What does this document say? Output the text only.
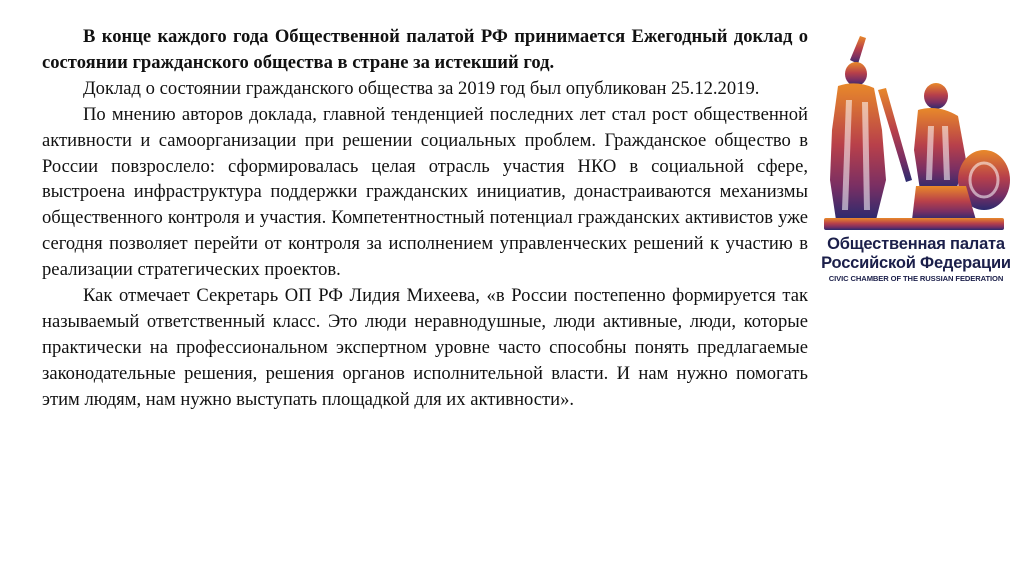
В конце каждого года Общественной палатой РФ принимается Ежегодный доклад о состоянии гражданского общества в стране за истекший год.

Доклад о состоянии гражданского общества за 2019 год был опубликован 25.12.2019.

По мнению авторов доклада, главной тенденцией последних лет стал рост общественной активности и самоорганизации при решении социальных проблем. Гражданское общество в России повзрослело: сформировалась целая отрасль участия НКО в социальной сфере, выстроена инфраструктура поддержки гражданских инициатив, донастраиваются механизмы общественного контроля и участия. Компетентностный потенциал гражданских активистов уже сегодня позволяет перейти от контроля за исполнением управленческих решений к участию в реализации стратегических проектов.

Как отмечает Секретарь ОП РФ Лидия Михеева, «в России постепенно формируется так называемый ответственный класс. Это люди неравнодушные, люди активные, люди, которые практически на профессиональном экспертном уровне часто способны понять предлагаемые законодательные решения, решения органов исполнительной власти. И нам нужно помогать этим людям, нам нужно выступать площадкой для их активности».

Общественная палата
Российской Федерации
CIVIC CHAMBER OF THE RUSSIAN FEDERATION
